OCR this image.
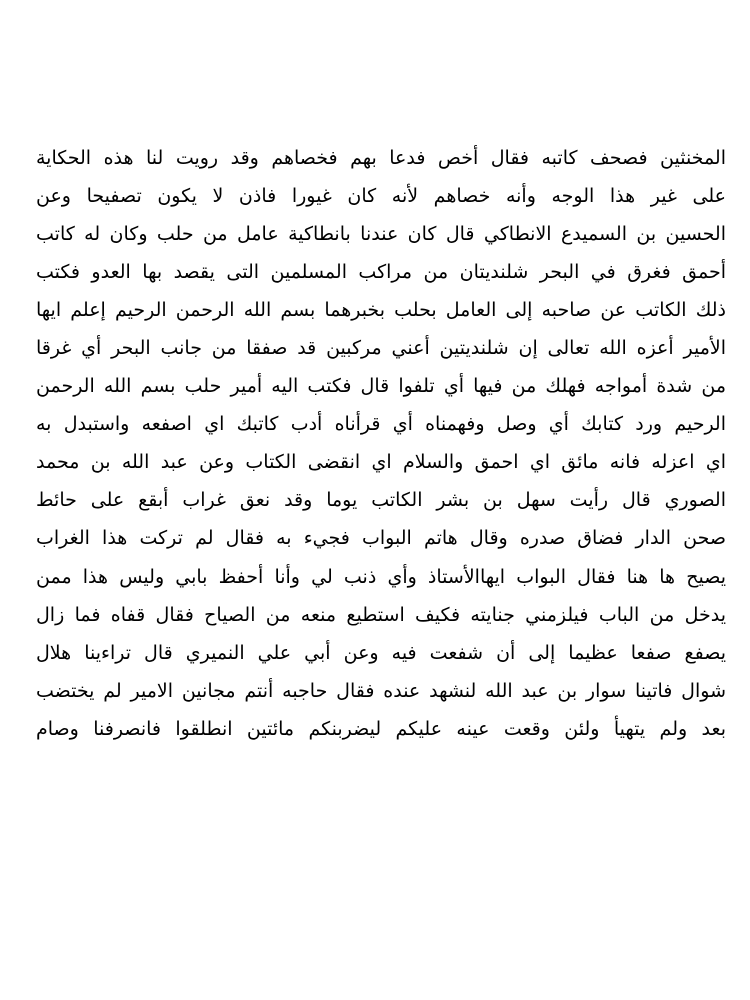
المخنثين فصحف كاتبه فقال أخص فدعا بهم فخصاهم وقد رويت لنا هذه الحكاية
على غير هذا الوجه وأنه خصاهم لأنه كان غيورا فاذن لا يكون تصفيحا وعن
الحسين بن السميدع الانطاكي قال كان عندنا بانطاكية عامل من حلب وكان له كاتب
أحمق فغرق في البحر شلنديتان من مراكب المسلمين التى يقصد بها العدو فكتب
ذلك الكاتب عن صاحبه إلى العامل بحلب بخبرهما بسم الله الرحمن الرحيم إعلم ايها
الأمير أعزه الله تعالى إن شلنديتين أعني مركبين قد صفقا من جانب البحر أي غرقا
من شدة أمواجه فهلك من فيها أي تلفوا قال فكتب اليه أمير حلب بسم الله الرحمن
الرحيم ورد كتابك أي وصل وفهمناه أي قرأناه أدب كاتبك اي اصفعه واستبدل به
اي اعزله فانه مائق اي احمق والسلام اي انقضى الكتاب وعن عبد الله بن محمد
الصوري قال رأيت سهل بن بشر الكاتب يوما وقد نعق غراب أبقع على حائط
صحن الدار فضاق صدره وقال هاتم البواب فجيء به فقال لم تركت هذا الغراب
يصيح ها هنا فقال البواب ايهاالأستاذ وأي ذنب لي وأنا أحفظ بابي وليس هذا ممن
يدخل من الباب فيلزمني جنايته فكيف استطيع منعه من الصياح فقال قفاه فما زال
يصفع صفعا عظيما إلى أن شفعت فيه وعن أبي علي النميري قال تراءينا هلال
شوال فاتينا سوار بن عبد الله لنشهد عنده فقال حاجبه أنتم مجانين الامير لم يختضب
بعد ولم يتهيأ ولئن وقعت عينه عليكم ليضربنكم مائتين انطلقوا فانصرفنا وصام
